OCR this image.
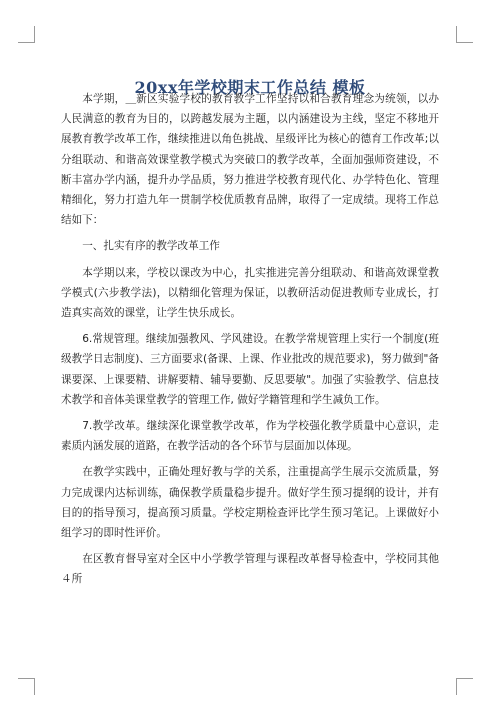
20xx年学校期末工作总结 模板

本学期，＿新区实验学校的教育教学工作坚持以和合教育理念为统领，以办人民满意的教育为目的，以跨越发展为主题，以内涵建设为主线，坚定不移地开展教育教学改革工作，继续推进以角色挑战、星级评比为核心的德育工作改革;以分组联动、和谐高效课堂教学模式为突破口的教学改革，全面加强师资建设，不断丰富办学内涵，提升办学品质，努力推进学校教育现代化、办学特色化、管理精细化，努力打造九年一贯制学校优质教育品牌，取得了一定成绩。现将工作总结如下：

一、扎实有序的教学改革工作

本学期以来，学校以课改为中心，扎实推进完善分组联动、和谐高效课堂教学模式(六步教学法)，以精细化管理为保证，以教研活动促进教师专业成长，打造真实高效的课堂，让学生快乐成长。

6.常规管理。继续加强教风、学风建设。在教学常规管理上实行一个制度(班级教学日志制度)、三方面要求(备课、上课、作业批改的规范要求)，努力做到"备课要深、上课要精、讲解要精、辅导要勤、反思要敏"。加强了实验教学、信息技术教学和音体美课堂教学的管理工作, 做好学籍管理和学生减负工作。

7.教学改革。继续深化课堂教学改革，作为学校强化教学质量中心意识，走素质内涵发展的道路，在教学活动的各个环节与层面加以体现。

在教学实践中，正确处理好教与学的关系，注重提高学生展示交流质量，努力完成课内达标训练，确保教学质量稳步提升。做好学生预习提纲的设计，并有目的的指导预习，提高预习质量。学校定期检查评比学生预习笔记。上课做好小组学习的即时性评价。

在区教育督导室对全区中小学教学管理与课程改革督导检查中，学校同其他４所
